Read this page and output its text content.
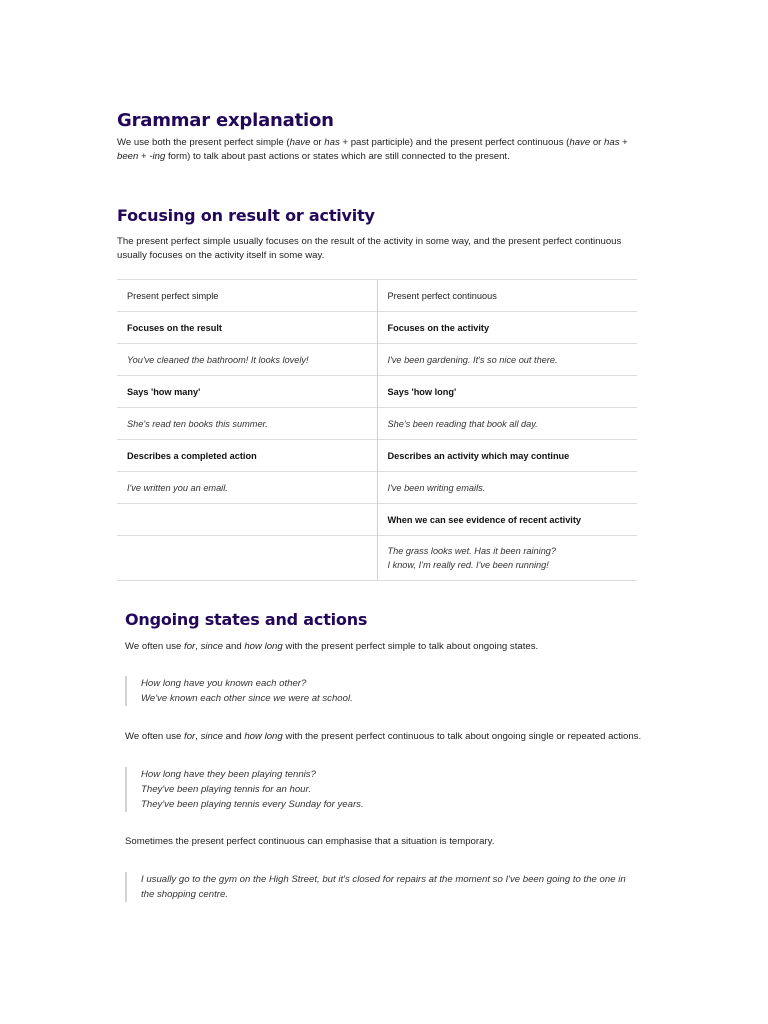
Grammar explanation

We use both the present perfect simple (have or has + past participle) and the present perfect continuous (have or has + been + -ing form) to talk about past actions or states which are still connected to the present.

Focusing on result or activity

The present perfect simple usually focuses on the result of the activity in some way, and the present perfect continuous usually focuses on the activity itself in some way.

Present perfect simple	Present perfect continuous
Focuses on the result	Focuses on the activity
You've cleaned the bathroom! It looks lovely!	I've been gardening. It's so nice out there.
Says 'how many'	Says 'how long'
She's read ten books this summer.	She's been reading that book all day.
Describes a completed action	Describes an activity which may continue
I've written you an email.	I've been writing emails.
	When we can see evidence of recent activity

	The grass looks wet. Has it been raining?
I know, I'm really red. I've been running!
Ongoing states and actions

We often use for, since and how long with the present perfect simple to talk about ongoing states.

How long have you known each other?
We've known each other since we were at school.

We often use for, since and how long with the present perfect continuous to talk about ongoing single or repeated actions.

How long have they been playing tennis?
They've been playing tennis for an hour.
They've been playing tennis every Sunday for years.

Sometimes the present perfect continuous can emphasise that a situation is temporary.

I usually go to the gym on the High Street, but it's closed for repairs at the moment so I've been going to the one in
the shopping centre.
